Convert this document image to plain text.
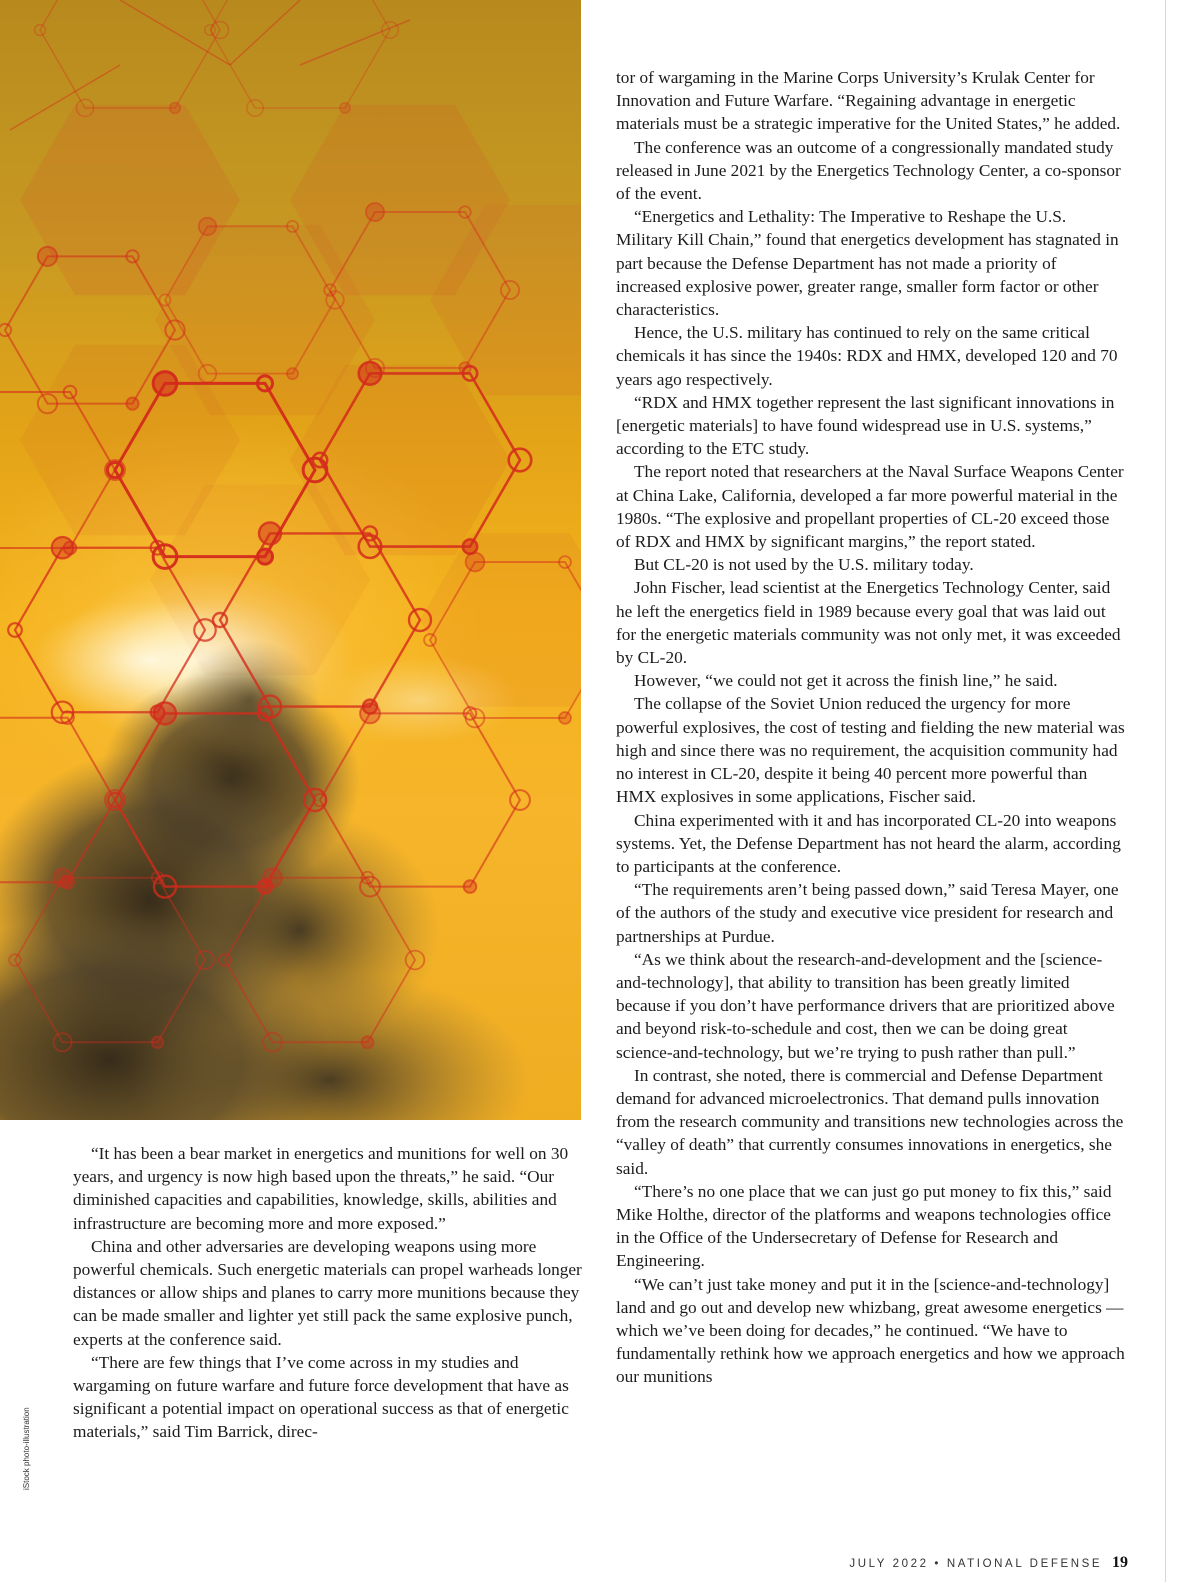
iStock photo-illustration

“It has been a bear market in energetics and munitions for well on 30 years, and urgency is now high based upon the threats,” he said. “Our diminished capacities and capabilities, knowledge, skills, abilities and infrastructure are becoming more and more exposed.”

China and other adversaries are developing weapons using more powerful chemicals. Such energetic materials can propel warheads longer distances or allow ships and planes to carry more munitions because they can be made smaller and lighter yet still pack the same explosive punch, experts at the conference said.

“There are few things that I’ve come across in my studies and wargaming on future warfare and future force development that have as significant a potential impact on operational success as that of energetic materials,” said Tim Barrick, direc-

tor of wargaming in the Marine Corps University’s Krulak Center for Innovation and Future Warfare. “Regaining advantage in energetic materials must be a strategic imperative for the United States,” he added.

The conference was an outcome of a congressionally mandated study released in June 2021 by the Energetics Technology Center, a co-sponsor of the event.

“Energetics and Lethality: The Imperative to Reshape the U.S. Military Kill Chain,” found that energetics development has stagnated in part because the Defense Department has not made a priority of increased explosive power, greater range, smaller form factor or other characteristics.

Hence, the U.S. military has continued to rely on the same critical chemicals it has since the 1940s: RDX and HMX, developed 120 and 70 years ago respectively.

“RDX and HMX together represent the last significant innovations in [energetic materials] to have found widespread use in U.S. systems,” according to the ETC study.

The report noted that researchers at the Naval Surface Weapons Center at China Lake, California, developed a far more powerful material in the 1980s. “The explosive and propellant properties of CL-20 exceed those of RDX and HMX by significant margins,” the report stated.

But CL-20 is not used by the U.S. military today.

John Fischer, lead scientist at the Energetics Technology Center, said he left the energetics field in 1989 because every goal that was laid out for the energetic materials community was not only met, it was exceeded by CL-20.

However, “we could not get it across the finish line,” he said.

The collapse of the Soviet Union reduced the urgency for more powerful explosives, the cost of testing and fielding the new material was high and since there was no requirement, the acquisition community had no interest in CL-20, despite it being 40 percent more powerful than HMX explosives in some applications, Fischer said.

China experimented with it and has incorporated CL-20 into weapons systems. Yet, the Defense Department has not heard the alarm, according to participants at the conference.

“The requirements aren’t being passed down,” said Teresa Mayer, one of the authors of the study and executive vice president for research and partnerships at Purdue.

“As we think about the research-and-development and the [science-and-technology], that ability to transition has been greatly limited because if you don’t have performance drivers that are prioritized above and beyond risk-to-schedule and cost, then we can be doing great science-and-technology, but we’re trying to push rather than pull.”

In contrast, she noted, there is commercial and Defense Department demand for advanced microelectronics. That demand pulls innovation from the research community and transitions new technologies across the “valley of death” that currently consumes innovations in energetics, she said.

“There’s no one place that we can just go put money to fix this,” said Mike Holthe, director of the platforms and weapons technologies office in the Office of the Undersecretary of Defense for Research and Engineering.

“We can’t just take money and put it in the [science-and-technology] land and go out and develop new whizbang, great awesome energetics — which we’ve been doing for decades,” he continued. “We have to fundamentally rethink how we approach energetics and how we approach our munitions

JULY 2022 • NATIONAL DEFENSE 19
